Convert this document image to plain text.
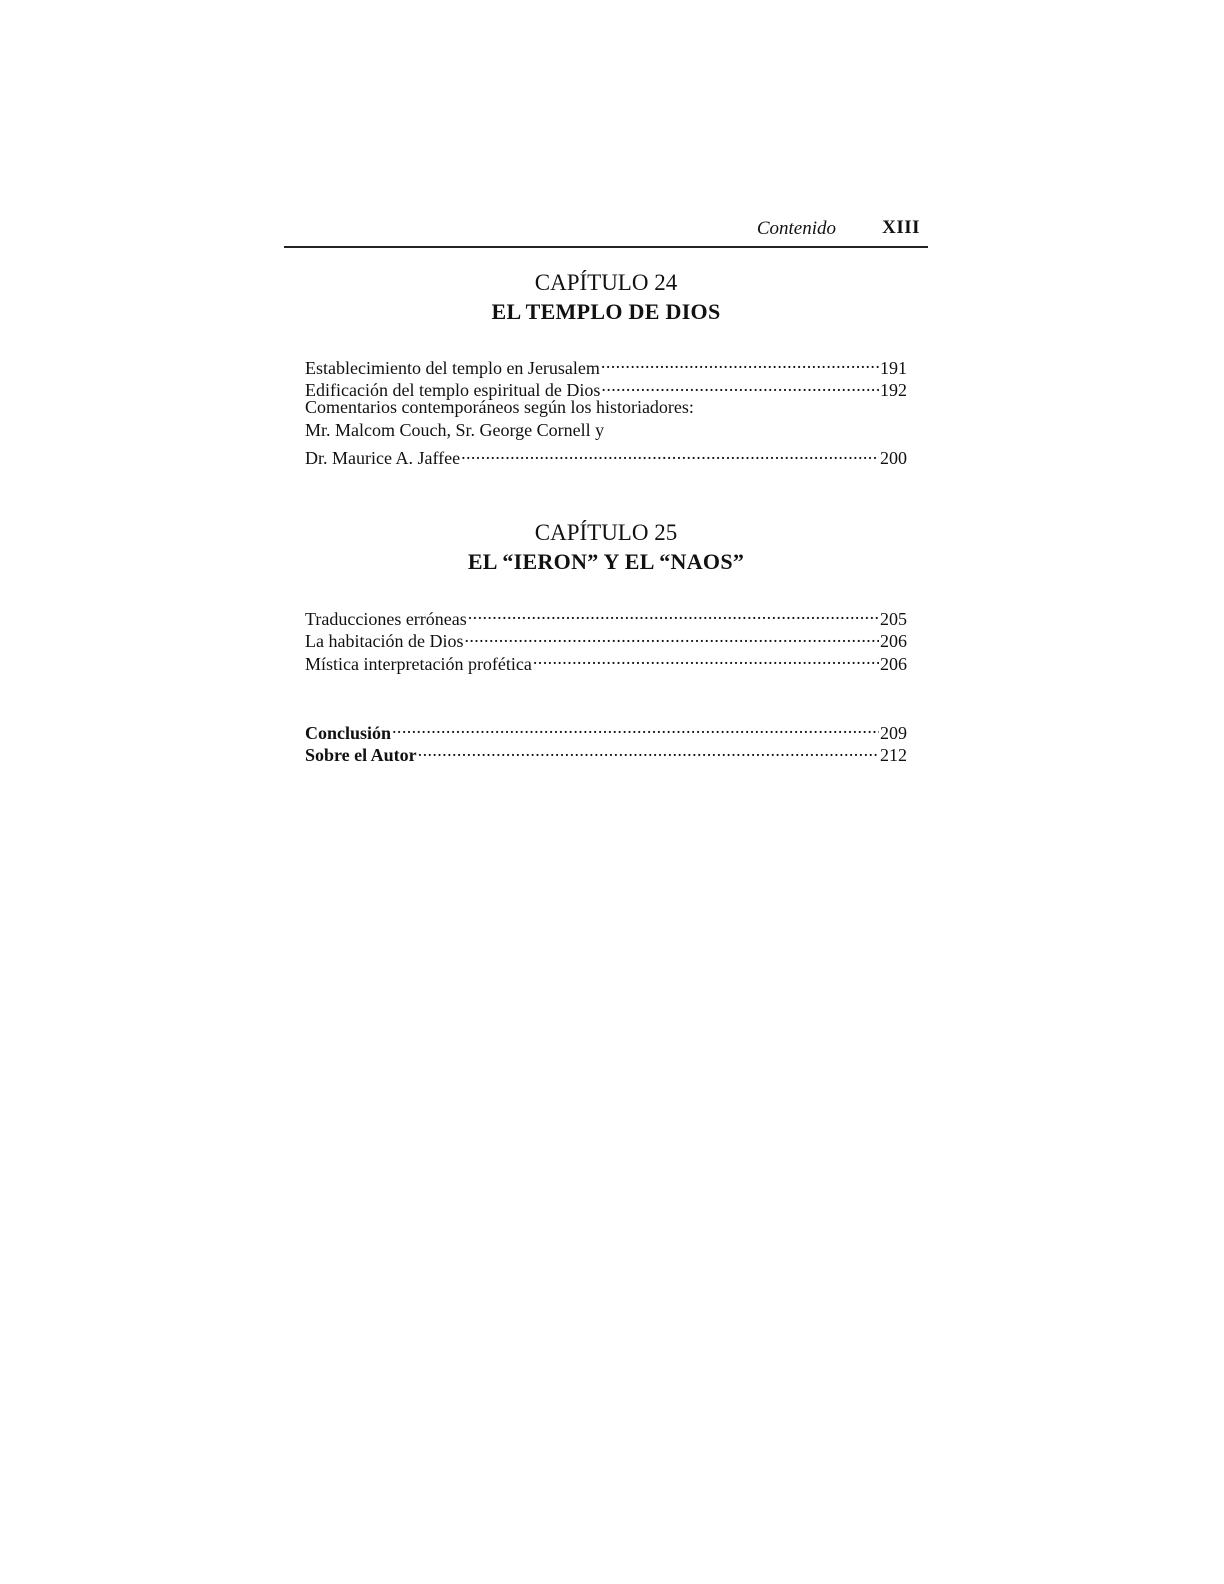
Contenido XIII
CAPÍTULO 24
EL TEMPLO DE DIOS
Establecimiento del templo en Jerusalem .....	191
Edificación del templo espiritual de Dios .....	192
Comentarios contemporáneos según los historiadores:
Mr. Malcom Couch, Sr. George Cornell y
Dr. Maurice A. Jaffee .....	200
CAPÍTULO 25
EL “IERON” Y EL “NAOS”
Traducciones erróneas .....	205
La habitación de Dios .....	206
Mística interpretación profética .....	206
Conclusión .....	209
Sobre el Autor .....	212
